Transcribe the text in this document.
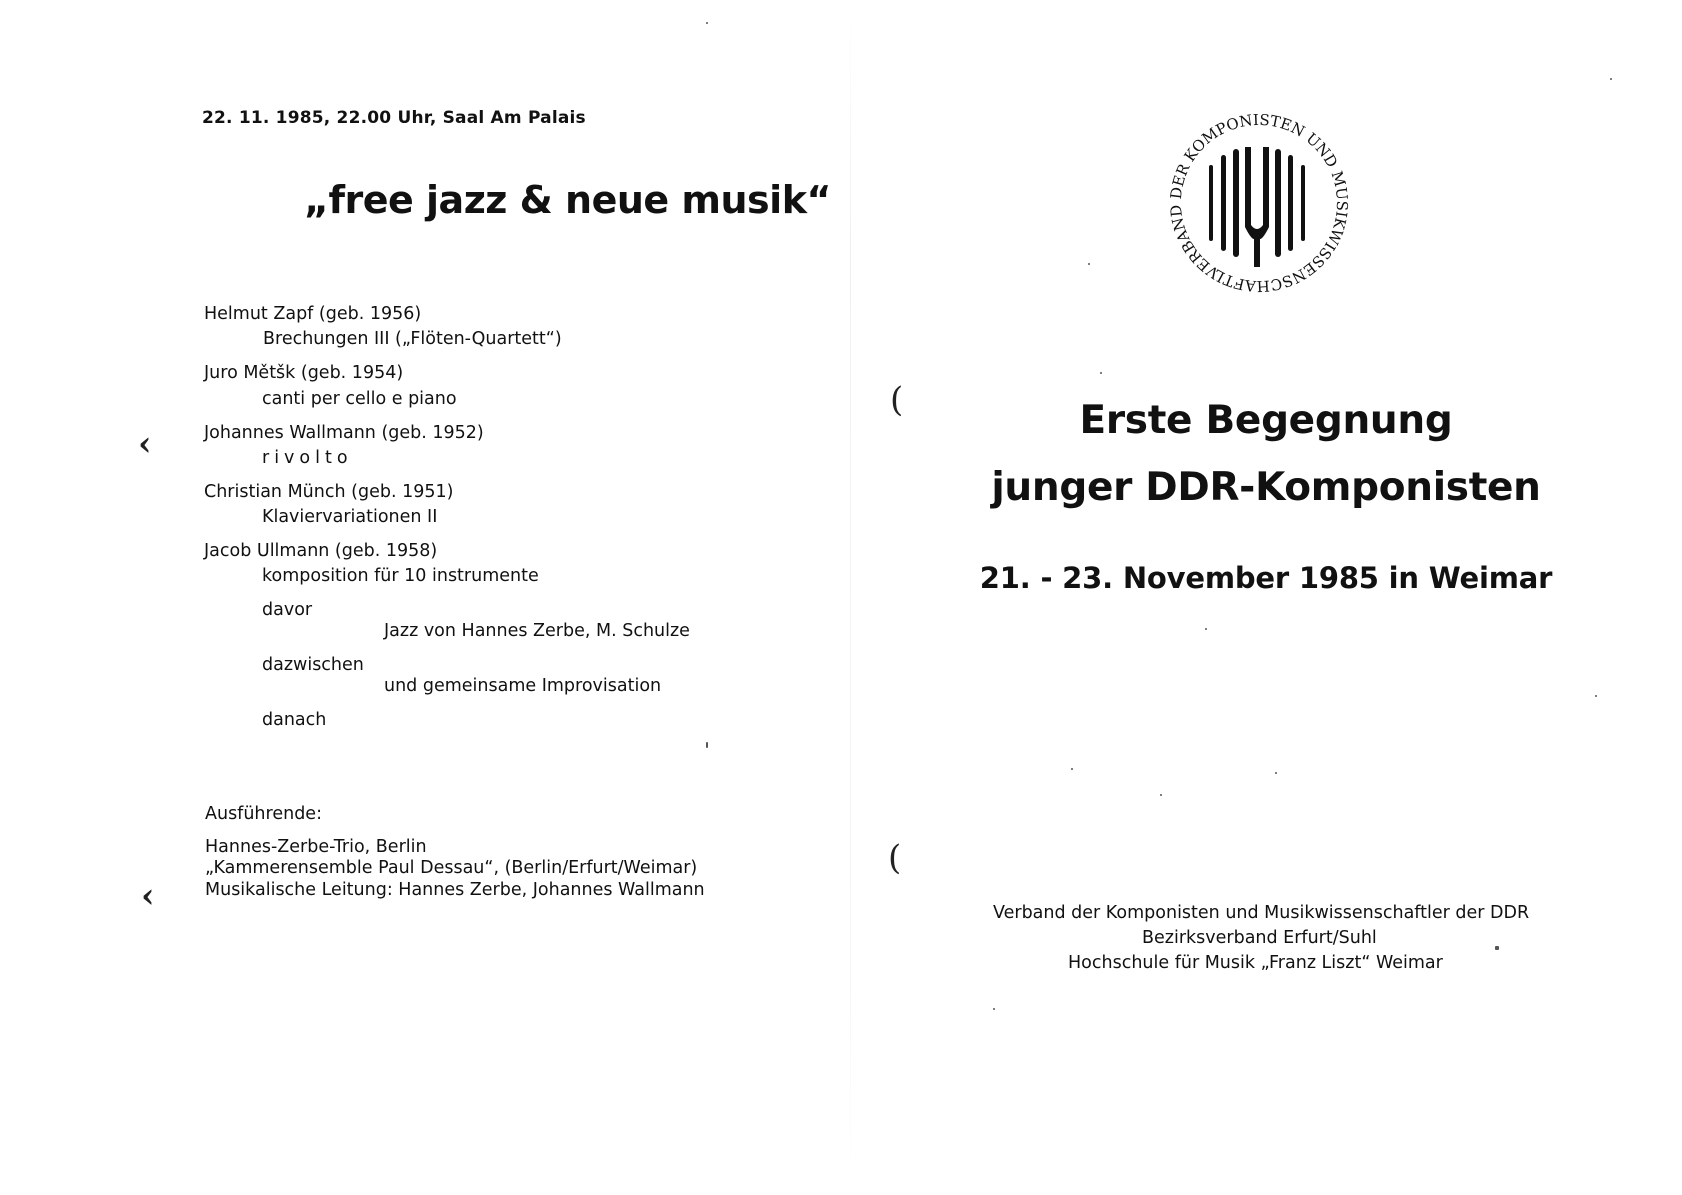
22. 11. 1985, 22.00 Uhr, Saal Am Palais
„free jazz & neue musik“
Helmut Zapf (geb. 1956)
Brechungen III („Flöten-Quartett“)
Juro Mětšk (geb. 1954)
canti per cello e piano
Johannes Wallmann (geb. 1952)
rivolto
Christian Münch (geb. 1951)
Klaviervariationen II
Jacob Ullmann (geb. 1958)
komposition für 10 instrumente
davor
Jazz von Hannes Zerbe, M. Schulze
dazwischen
und gemeinsame Improvisation
danach
Ausführende:
Hannes-Zerbe-Trio, Berlin
„Kammerensemble Paul Dessau“, (Berlin/Erfurt/Weimar)
Musikalische Leitung: Hannes Zerbe, Johannes Wallmann
‹
‹
VERBAND DER KOMPONISTEN UND MUSIKWISSENSCHAFTLER
Erste Begegnung
junger DDR-Komponisten
21. - 23. November 1985 in Weimar
Verband der Komponisten und Musikwissenschaftler der DDR
Bezirksverband Erfurt/Suhl
Hochschule für Musik „Franz Liszt“ Weimar
(
(
